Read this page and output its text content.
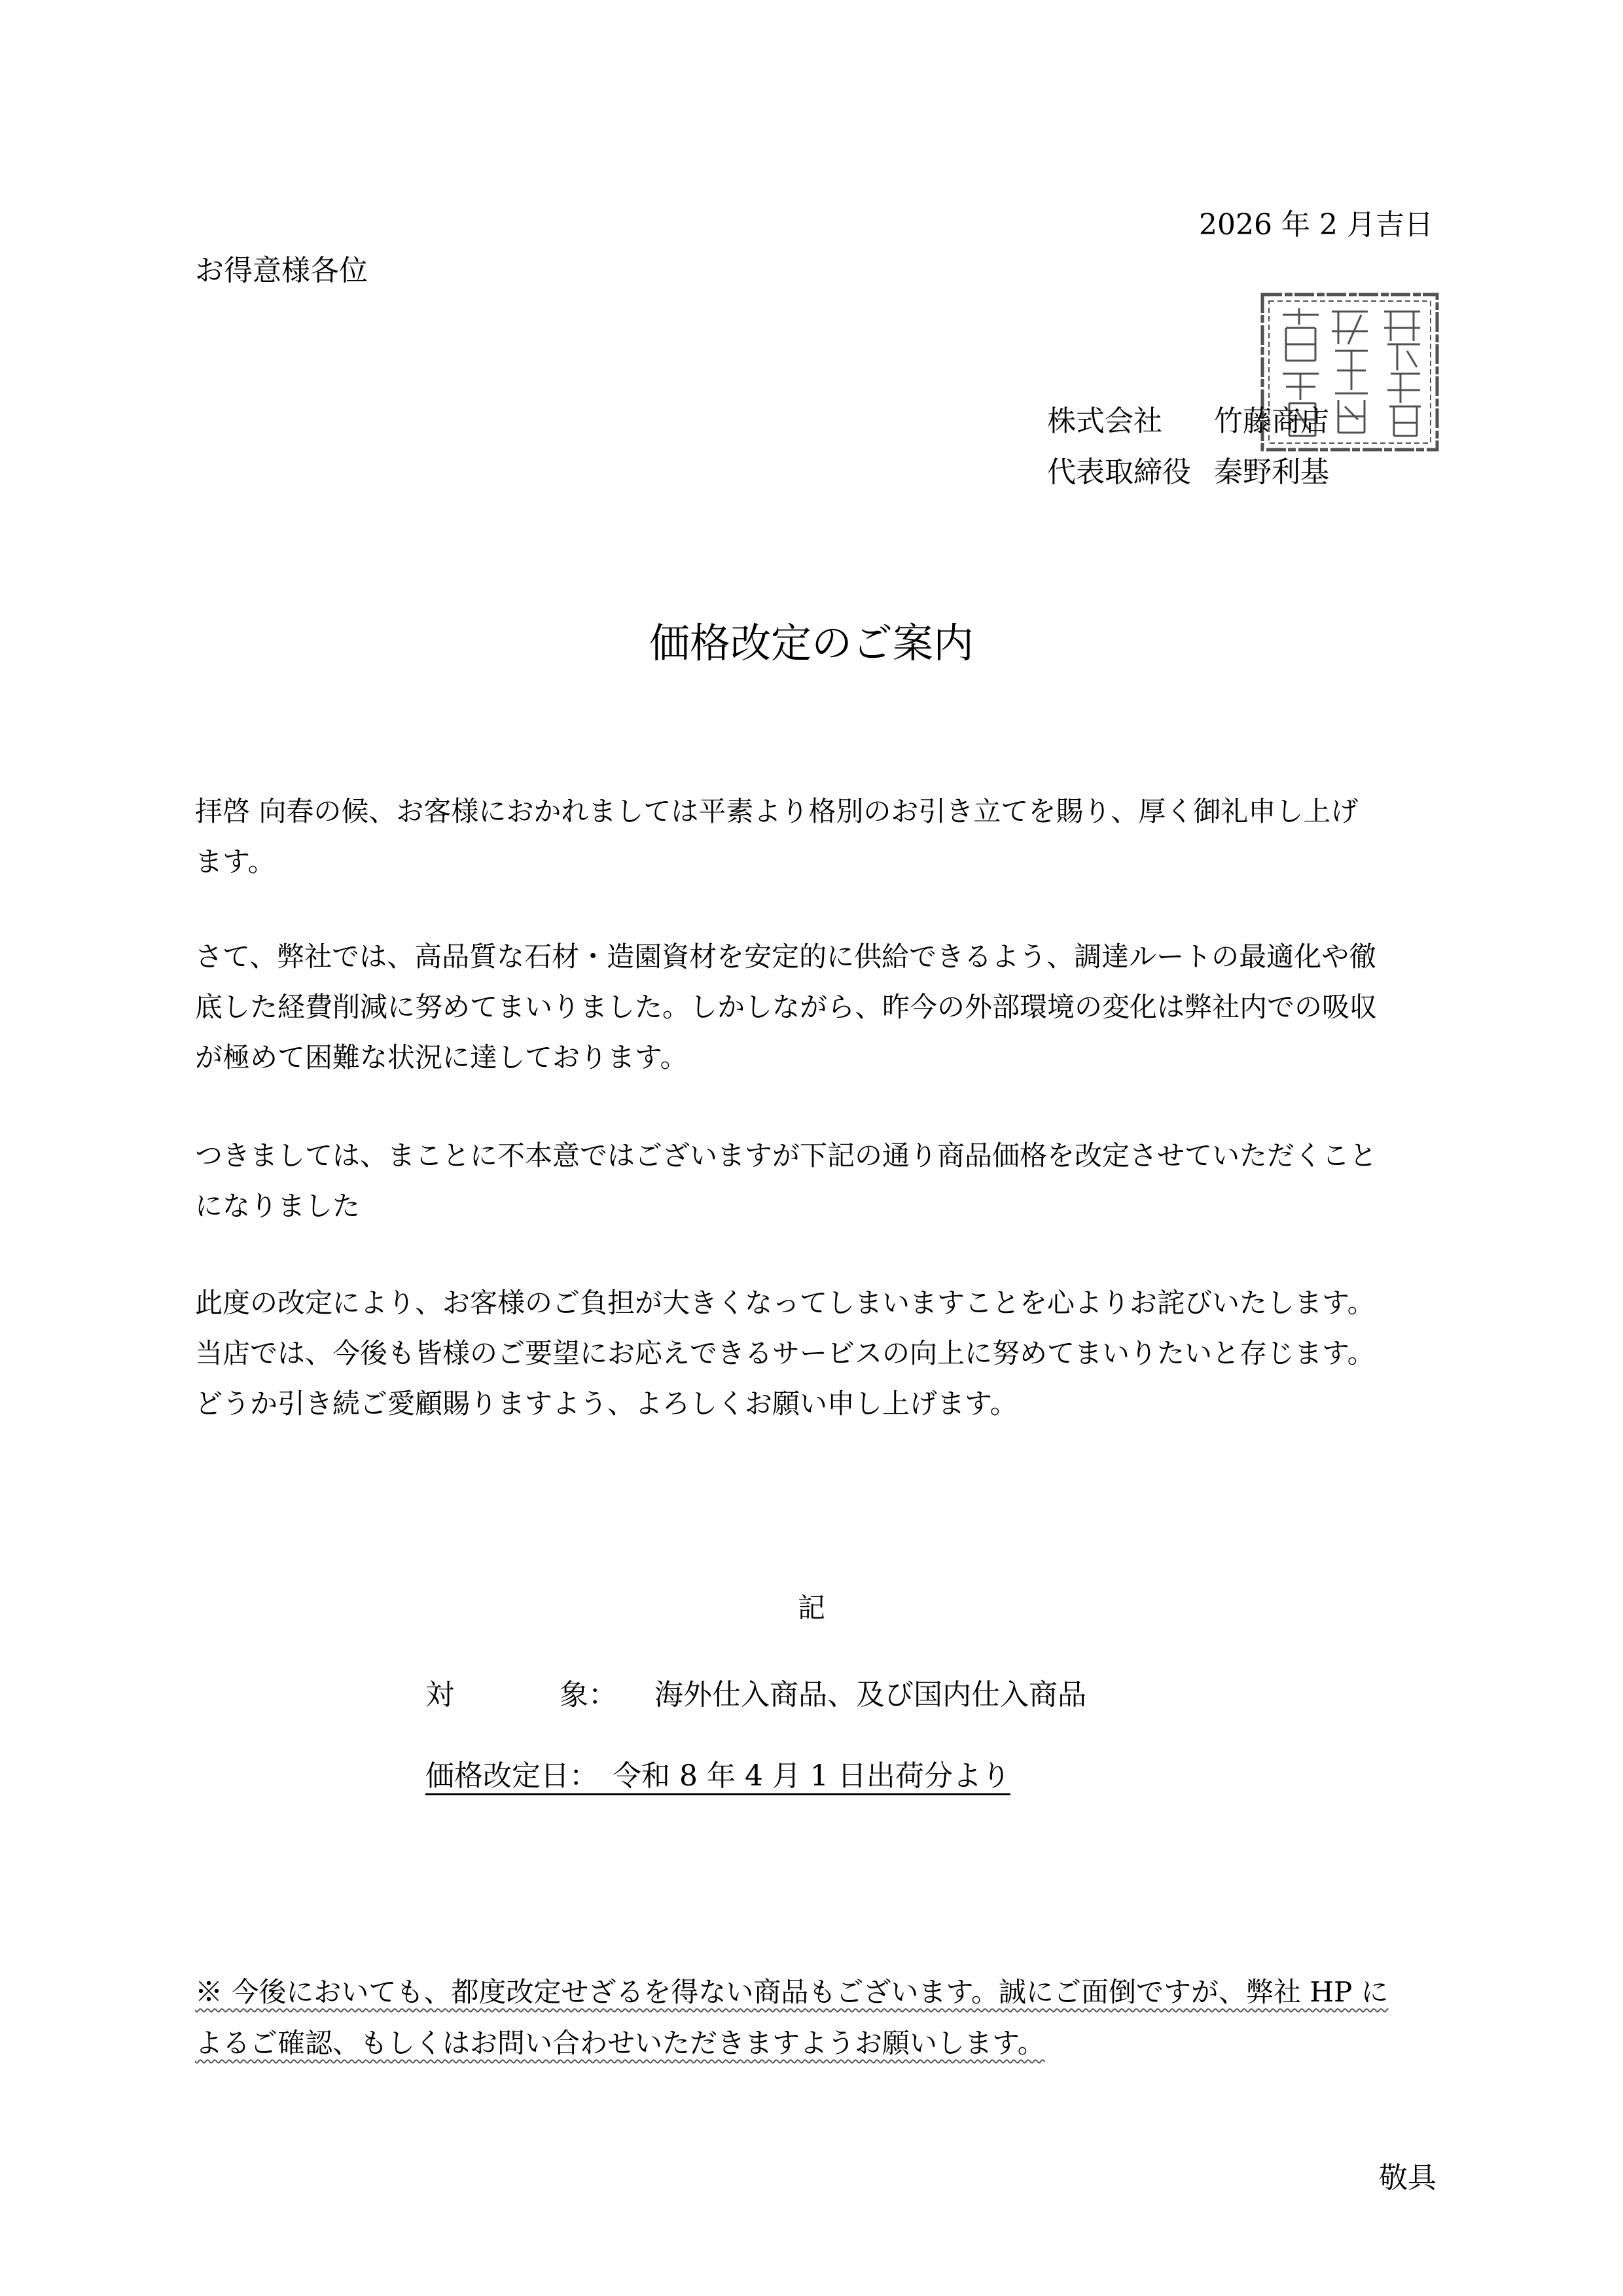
2026 年 2 月吉日
お得意様各位
株式会社 竹藤商店
代表取締役 秦野利基
価格改定のご案内
拝啓 向春の候、お客様におかれましては平素より格別のお引き立てを賜り、厚く御礼申し上げ
ます。
さて、弊社では、高品質な石材・造園資材を安定的に供給できるよう、調達ルートの最適化や徹
底した経費削減に努めてまいりました。しかしながら、昨今の外部環境の変化は弊社内での吸収
が極めて困難な状況に達しております。
つきましては、まことに不本意ではございますが下記の通り商品価格を改定させていただくこと
になりました
此度の改定により、お客様のご負担が大きくなってしまいますことを心よりお詫びいたします。
当店では、今後も皆様のご要望にお応えできるサービスの向上に努めてまいりたいと存じます。
どうか引き続ご愛顧賜りますよう、よろしくお願い申し上げます。
記
対	象： 海外仕入商品、及び国内仕入商品
価格改定日：　 令和 8 年 4 月 1 日出荷分より
※ 今後においても、都度改定せざるを得ない商品もございます。誠にご面倒ですが、弊社 HP に
よるご確認、もしくはお問い合わせいただきますようお願いします。
敬具
